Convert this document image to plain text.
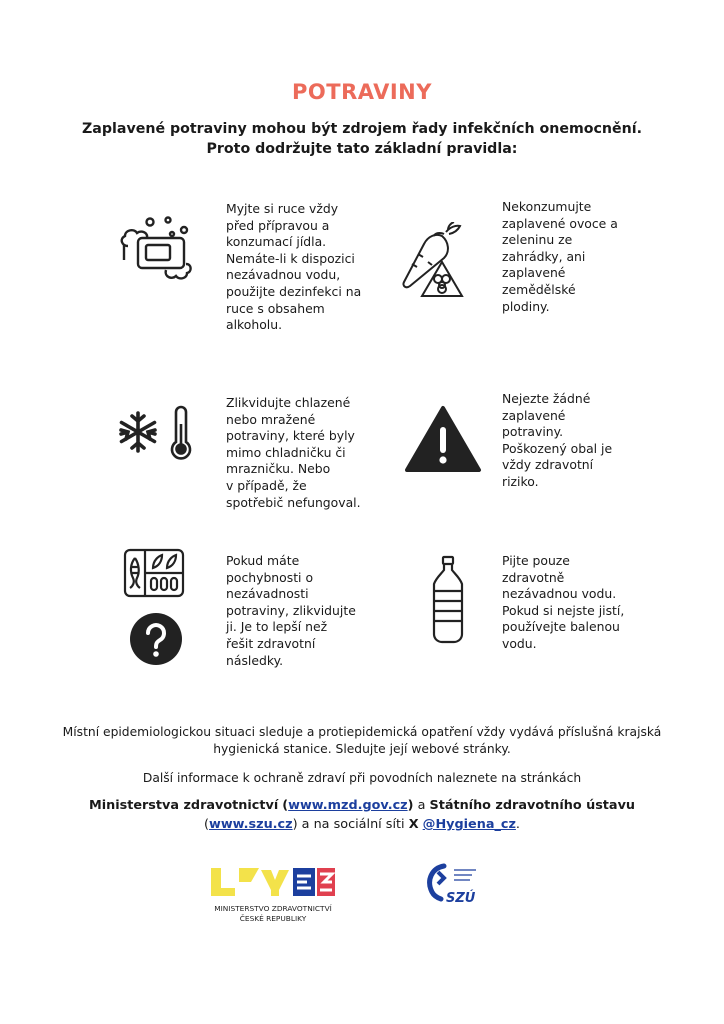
POTRAVINY
Zaplavené potraviny mohou být zdrojem řady infekčních onemocnění. Proto dodržujte tato základní pravidla:
Myjte si ruce vždy
před přípravou a
konzumací jídla.
Nemáte-li k dispozici
nezávadnou vodu,
použijte dezinfekci na
ruce s obsahem
alkoholu.
Nekonzumujte
zaplavené ovoce a
zeleninu ze
zahrádky, ani
zaplavené
zemědělské
plodiny.
Zlikvidujte chlazené
nebo mražené
potraviny, které byly
mimo chladničku či
mrazničku. Nebo
v případě, že
spotřebič nefungoval.
Nejezte žádné
zaplavené
potraviny.
Poškozený obal je
vždy zdravotní
riziko.
Pokud máte
pochybnosti o
nezávadnosti
potraviny, zlikvidujte
ji. Je to lepší než
řešit zdravotní
následky.
Pijte pouze
zdravotně
nezávadnou vodu.
Pokud si nejste jistí,
používejte balenou
vodu.
Místní epidemiologickou situaci sleduje a protiepidemická opatření vždy vydává příslušná krajská hygienická stanice. Sledujte její webové stránky.
Další informace k ochraně zdraví při povodních naleznete na stránkách
Ministerstva zdravotnictví (www.mzd.gov.cz) a Státního zdravotního ústavu
(www.szu.cz) a na sociální síti X @Hygiena_cz.
MINISTERSTVO ZDRAVOTNICTVÍ
ČESKÉ REPUBLIKY
SZÚ
